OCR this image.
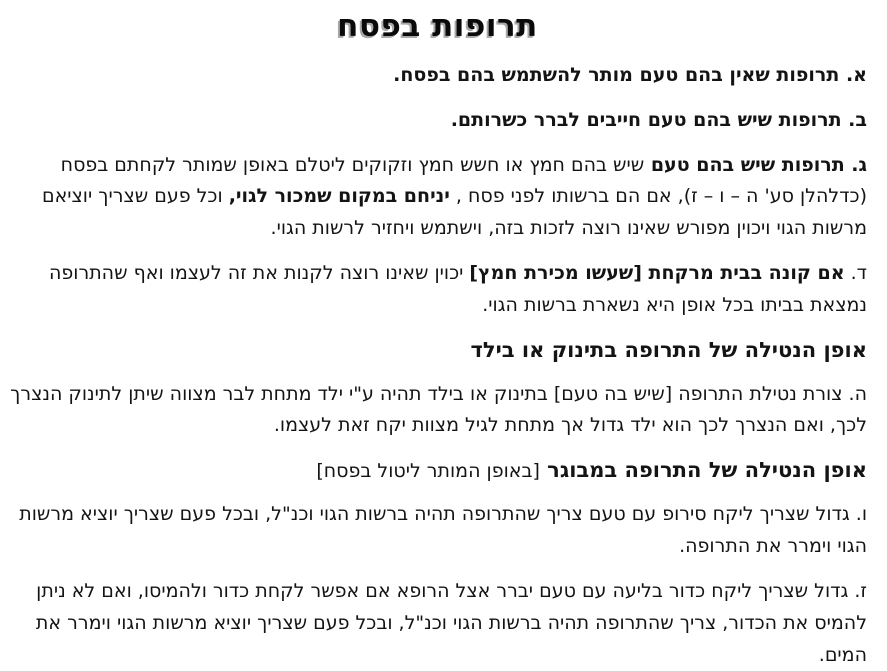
תרופות בפסח
א. תרופות שאין בהם טעם מותר להשתמש בהם בפסח.
ב. תרופות שיש בהם טעם חייבים לברר כשרותם.
ג. תרופות שיש בהם טעם שיש בהם חמץ או חשש חמץ וזקוקים ליטלם באופן שמותר לקחתם בפסח (כדלהלן סע' ה – ו – ז), אם הם ברשותו לפני פסח , יניחם במקום שמכור לגוי, וכל פעם שצריך יוציאם מרשות הגוי ויכוין מפורש שאינו רוצה לזכות בזה, וישתמש ויחזיר לרשות הגוי.
ד. אם קונה בבית מרקחת [שעשו מכירת חמץ] יכוין שאינו רוצה לקנות את זה לעצמו ואף שהתרופה נמצאת בביתו בכל אופן היא נשארת ברשות הגוי.
אופן הנטילה של התרופה בתינוק או בילד
ה. צורת נטילת התרופה [שיש בה טעם] בתינוק או בילד תהיה ע"י ילד מתחת לבר מצווה שיתן לתינוק הנצרך לכך, ואם הנצרך לכך הוא ילד גדול אך מתחת לגיל מצוות יקח זאת לעצמו.
אופן הנטילה של התרופה במבוגר [באופן המותר ליטול בפסח]
ו. גדול שצריך ליקח סירופ עם טעם צריך שהתרופה תהיה ברשות הגוי וכנ"ל, ובכל פעם שצריך יוציא מרשות הגוי וימרר את התרופה.
ז. גדול שצריך ליקח כדור בליעה עם טעם יברר אצל הרופא אם אפשר לקחת כדור ולהמיסו, ואם לא ניתן להמיס את הכדור, צריך שהתרופה תהיה ברשות הגוי וכנ"ל, ובכל פעם שצריך יוציא מרשות הגוי וימרר את המים.
